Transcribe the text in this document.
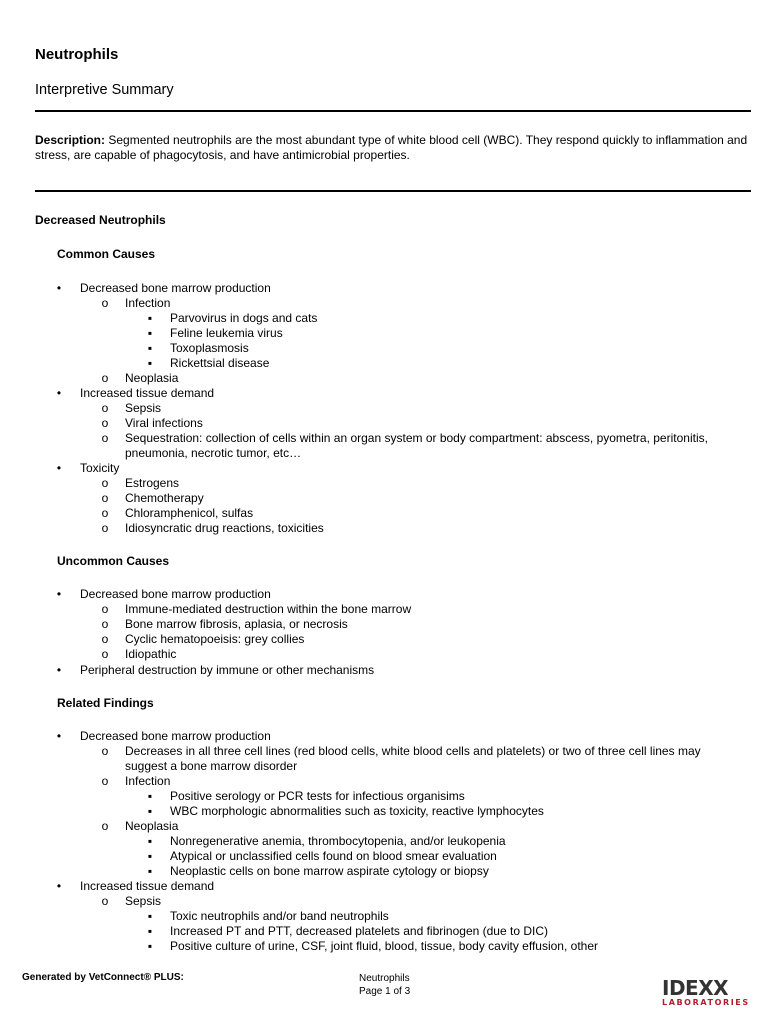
Neutrophils
Interpretive Summary
Description: Segmented neutrophils are the most abundant type of white blood cell (WBC). They respond quickly to inflammation and stress, are capable of phagocytosis, and have antimicrobial properties.
Decreased Neutrophils
Common Causes
•	Decreased bone marrow production
o	Infection
▪	Parvovirus in dogs and cats
▪	Feline leukemia virus
▪	Toxoplasmosis
▪	Rickettsial disease
o	Neoplasia
•	Increased tissue demand
o	Sepsis
o	Viral infections
o	Sequestration: collection of cells within an organ system or body compartment: abscess, pyometra, peritonitis,
pneumonia, necrotic tumor, etc…
•	Toxicity
o	Estrogens
o	Chemotherapy
o	Chloramphenicol, sulfas
o	Idiosyncratic drug reactions, toxicities
Uncommon Causes
•	Decreased bone marrow production
o	Immune-mediated destruction within the bone marrow
o	Bone marrow fibrosis, aplasia, or necrosis
o	Cyclic hematopoeisis: grey collies
o	Idiopathic
•	Peripheral destruction by immune or other mechanisms
Related Findings
•	Decreased bone marrow production
o	Decreases in all three cell lines (red blood cells, white blood cells and platelets) or two of three cell lines may
suggest a bone marrow disorder
o	Infection
▪	Positive serology or PCR tests for infectious organisims
▪	WBC morphologic abnormalities such as toxicity, reactive lymphocytes
o	Neoplasia
▪	Nonregenerative anemia, thrombocytopenia, and/or leukopenia
▪	Atypical or unclassified cells found on blood smear evaluation
▪	Neoplastic cells on bone marrow aspirate cytology or biopsy
•	Increased tissue demand
o	Sepsis
▪	Toxic neutrophils and/or band neutrophils
▪	Increased PT and PTT, decreased platelets and fibrinogen (due to DIC)
▪	Positive culture of urine, CSF, joint fluid, blood, tissue, body cavity effusion, other
Generated by VetConnect® PLUS:	Neutrophils
Page 1 of 3	IDEXX
LABORATORIES
